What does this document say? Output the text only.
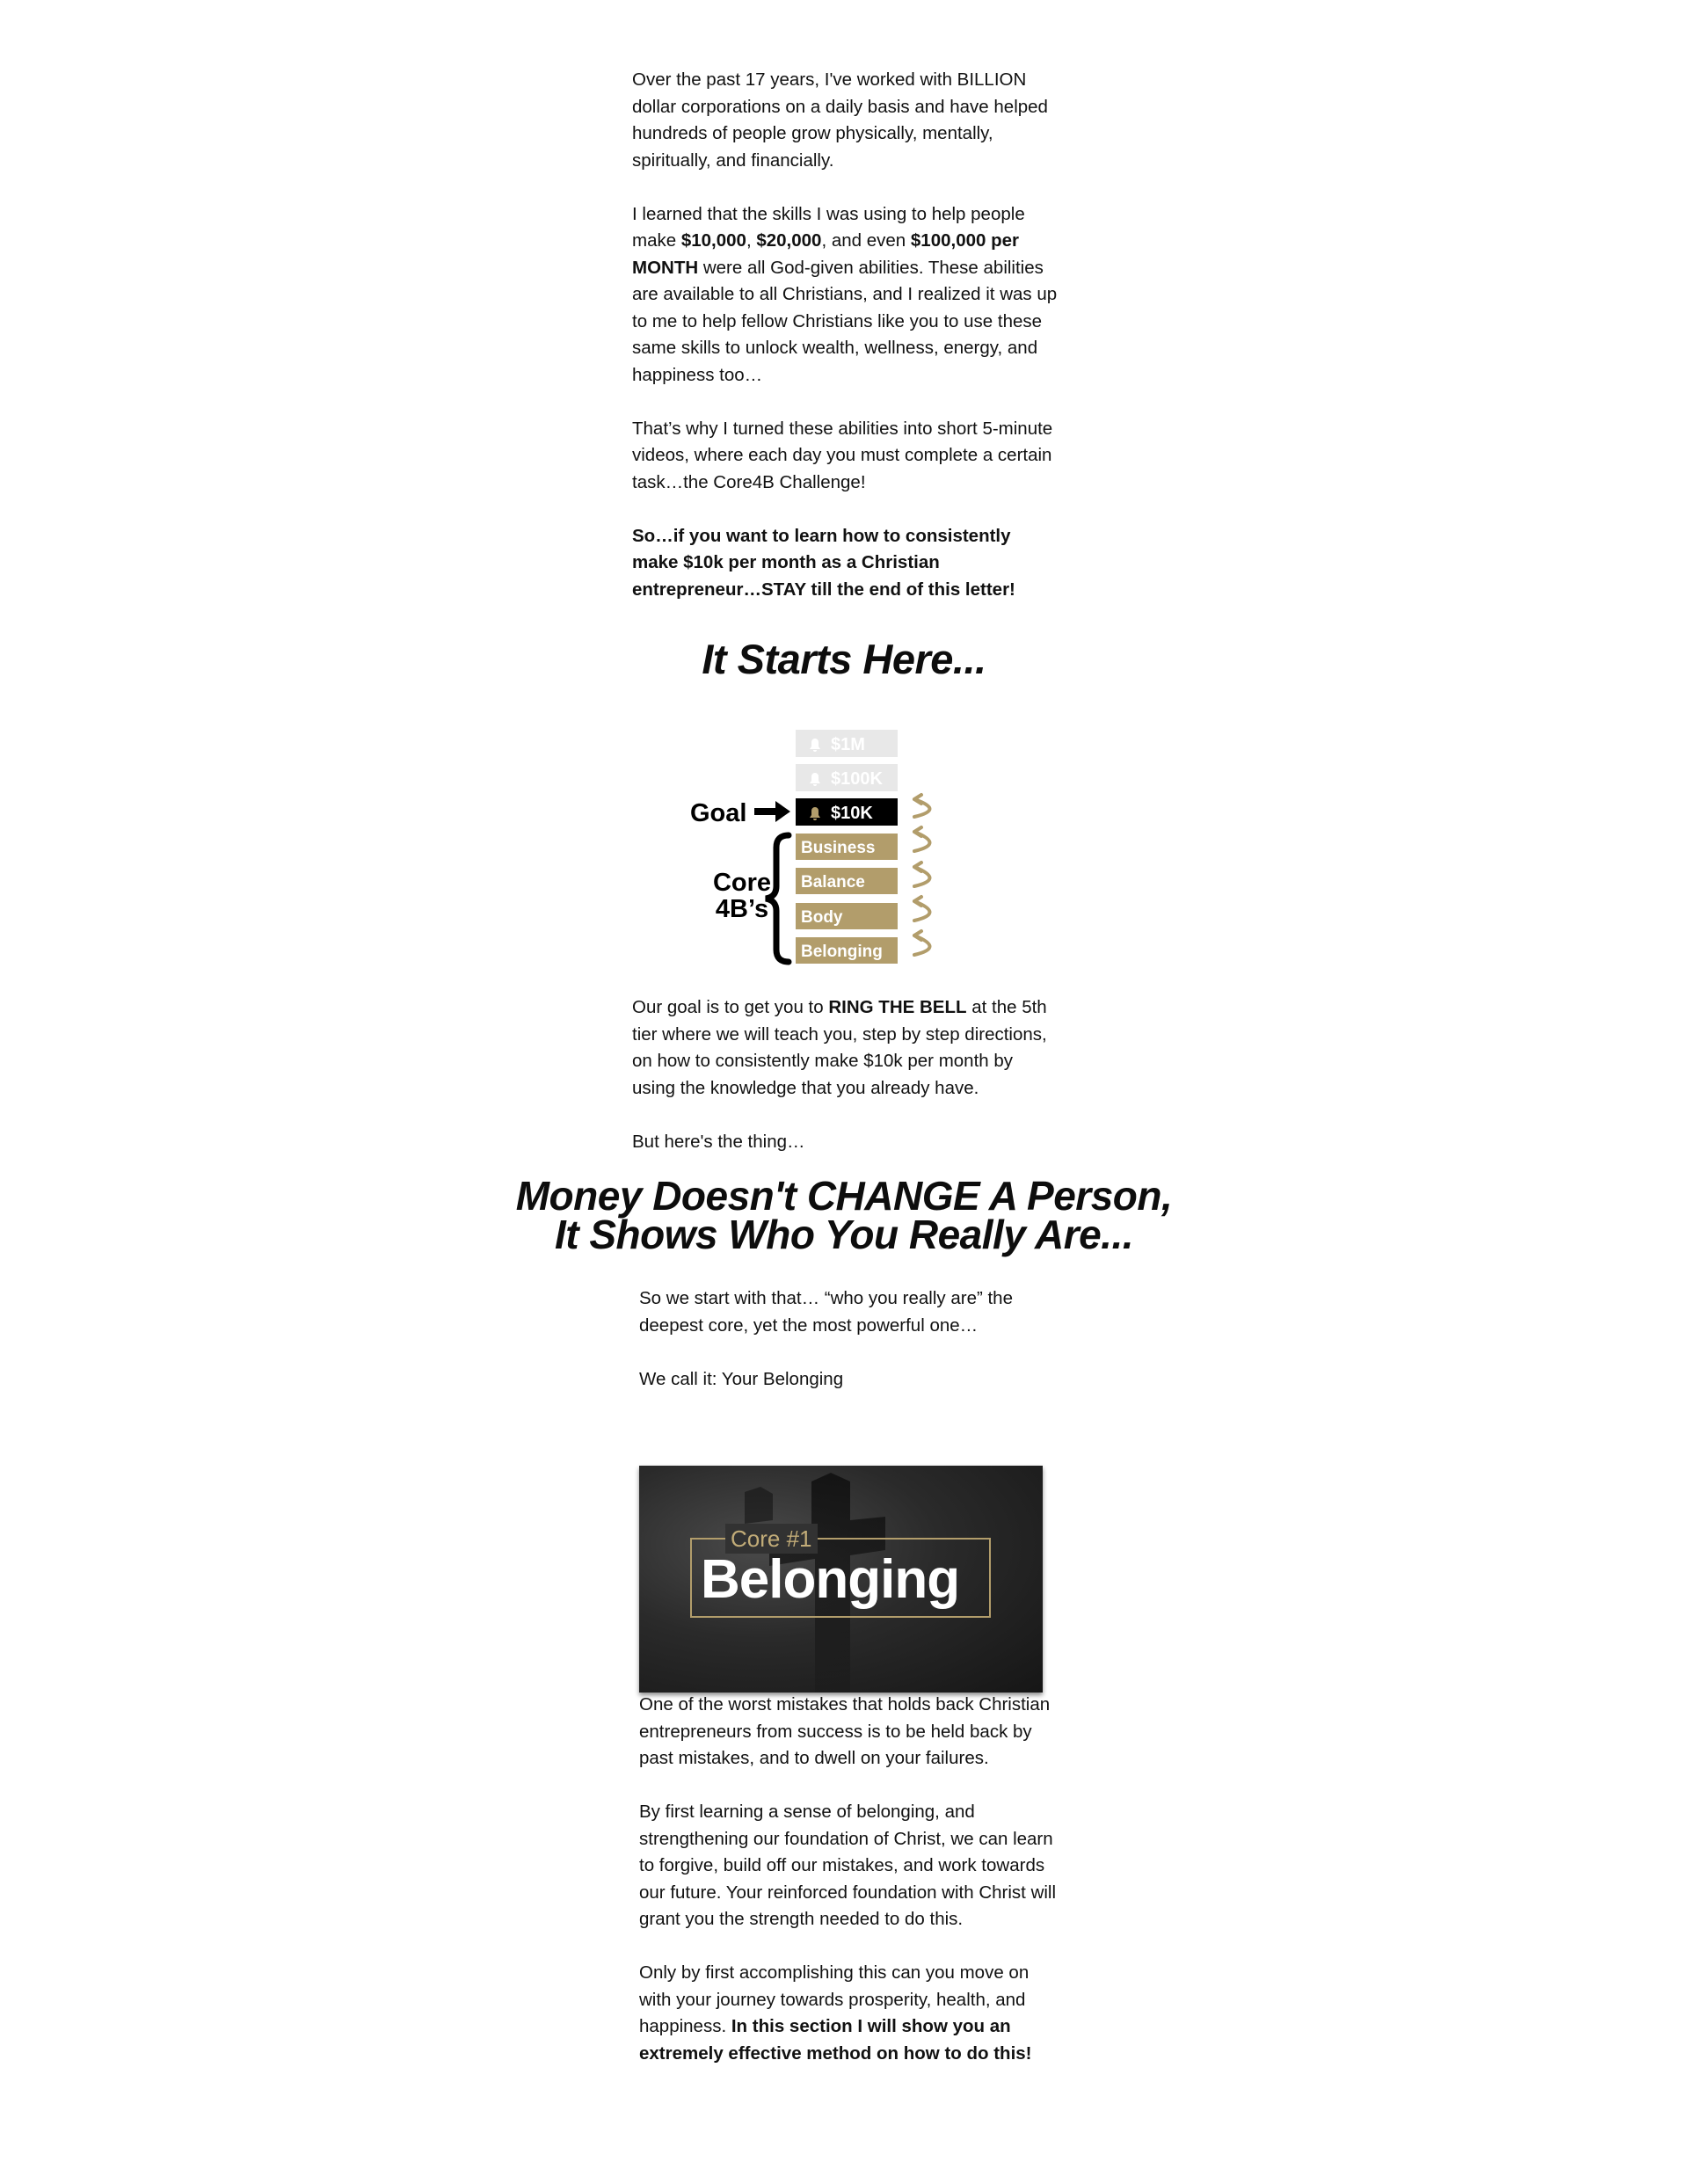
Over the past 17 years, I've worked with BILLION dollar corporations on a daily basis and have helped hundreds of people grow physically, mentally, spiritually, and financially.

I learned that the skills I was using to help people make $10,000, $20,000, and even $100,000 per MONTH were all God-given abilities. These abilities are available to all Christians, and I realized it was up to me to help fellow Christians like you to use these same skills to unlock wealth, wellness, energy, and happiness too…

That’s why I turned these abilities into short 5-minute videos, where each day you must complete a certain task…the Core4B Challenge!

So…if you want to learn how to consistently make $10k per month as a Christian entrepreneur…STAY till the end of this letter!

It Starts Here...
$1M
$100K
$10K
Business
Balance
Body
Belonging
Goal
Core
4B’s

Our goal is to get you to RING THE BELL at the 5th tier where we will teach you, step by step directions, on how to consistently make $10k per month by using the knowledge that you already have.

But here's the thing…

Money Doesn't CHANGE A Person,
It Shows Who You Really Are...

So we start with that… “who you really are” the deepest core, yet the most powerful one…

We call it: Your Belonging

Core #1
Belonging

One of the worst mistakes that holds back Christian entrepreneurs from success is to be held back by past mistakes, and to dwell on your failures.

By first learning a sense of belonging, and strengthening our foundation of Christ, we can learn to forgive, build off our mistakes, and work towards our future. Your reinforced foundation with Christ will grant you the strength needed to do this.

Only by first accomplishing this can you move on with your journey towards prosperity, health, and happiness. In this section I will show you an extremely effective method on how to do this!
